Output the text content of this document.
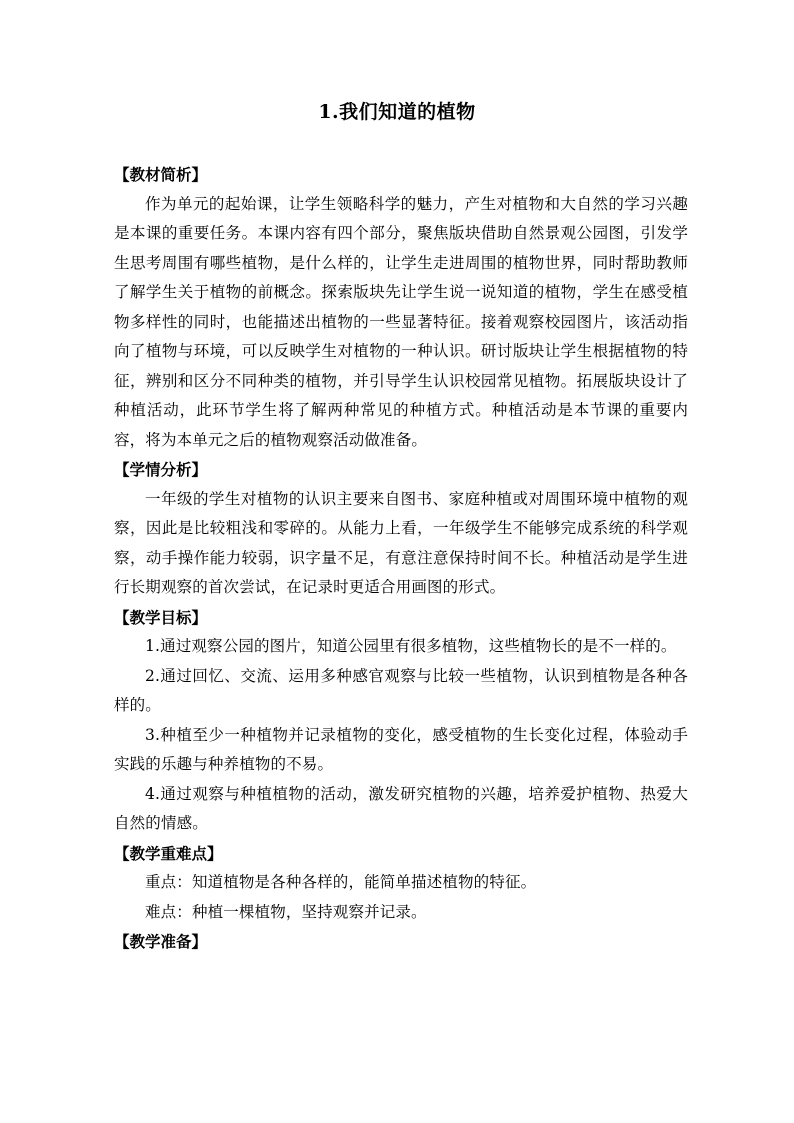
1.我们知道的植物

【教材简析】

作为单元的起始课，让学生领略科学的魅力，产生对植物和大自然的学习兴趣是本课的重要任务。本课内容有四个部分，聚焦版块借助自然景观公园图，引发学生思考周围有哪些植物，是什么样的，让学生走进周围的植物世界，同时帮助教师了解学生关于植物的前概念。探索版块先让学生说一说知道的植物，学生在感受植物多样性的同时，也能描述出植物的一些显著特征。接着观察校园图片，该活动指向了植物与环境，可以反映学生对植物的一种认识。研讨版块让学生根据植物的特征，辨别和区分不同种类的植物，并引导学生认识校园常见植物。拓展版块设计了种植活动，此环节学生将了解两种常见的种植方式。种植活动是本节课的重要内容，将为本单元之后的植物观察活动做准备。

【学情分析】

一年级的学生对植物的认识主要来自图书、家庭种植或对周围环境中植物的观察，因此是比较粗浅和零碎的。从能力上看，一年级学生不能够完成系统的科学观察，动手操作能力较弱，识字量不足，有意注意保持时间不长。种植活动是学生进行长期观察的首次尝试，在记录时更适合用画图的形式。

【教学目标】

1.通过观察公园的图片，知道公园里有很多植物，这些植物长的是不一样的。

2.通过回忆、交流、运用多种感官观察与比较一些植物，认识到植物是各种各样的。

3.种植至少一种植物并记录植物的变化，感受植物的生长变化过程，体验动手实践的乐趣与种养植物的不易。

4.通过观察与种植植物的活动，激发研究植物的兴趣，培养爱护植物、热爱大自然的情感。

【教学重难点】

重点：知道植物是各种各样的，能简单描述植物的特征。

难点：种植一棵植物，坚持观察并记录。

【教学准备】
